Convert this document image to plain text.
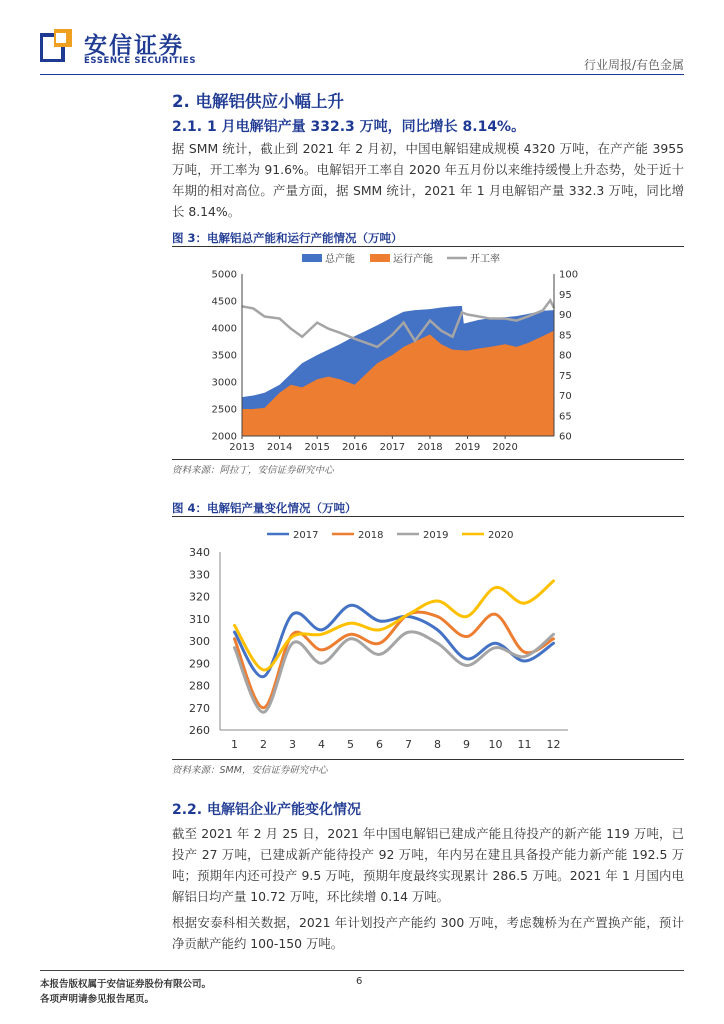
安信证券
ESSENCE SECURITIES	行业周报/有色金属
2. 电解铝供应小幅上升
2.1. 1 月电解铝产量 332.3 万吨，同比增长 8.14%。
据 SMM 统计，截止到 2021 年 2 月初，中国电解铝建成规模 4320 万吨，在产产能 3955 万吨，开工率为 91.6%。电解铝开工率自 2020 年五月份以来维持缓慢上升态势，处于近十年期的相对高位。产量方面，据 SMM 统计，2021 年 1 月电解铝产量 332.3 万吨，同比增长 8.14%。
图 3：电解铝总产能和运行产能情况（万吨）
总产能	运行产能	开工率
2000
2500
3000
3500
4000
4500
5000
60
65
70
75
80
85
90
95
100
2013 2014 2015 2016 2017 2018 2019 2020
资料来源：阿拉丁，安信证券研究中心
图 4：电解铝产量变化情况（万吨）
2017	2018	2019	2020
260
270
280
290
300
310
320
330
340
1 2 3 4 5 6 7 8 9 10 11 12
资料来源：SMM，安信证券研究中心
2.2. 电解铝企业产能变化情况
截至 2021 年 2 月 25 日，2021 年中国电解铝已建成产能且待投产的新产能 119 万吨，已投产 27 万吨，已建成新产能待投产 92 万吨，年内另在建且具备投产能力新产能 192.5 万吨；预期年内还可投产 9.5 万吨，预期年度最终实现累计 286.5 万吨。2021 年 1 月国内电解铝日均产量 10.72 万吨，环比续增 0.14 万吨。
根据安泰科相关数据，2021 年计划投产产能约 300 万吨，考虑魏桥为在产置换产能，预计净贡献产能约 100-150 万吨。
本报告版权属于安信证券股份有限公司。
各项声明请参见报告尾页。
6
